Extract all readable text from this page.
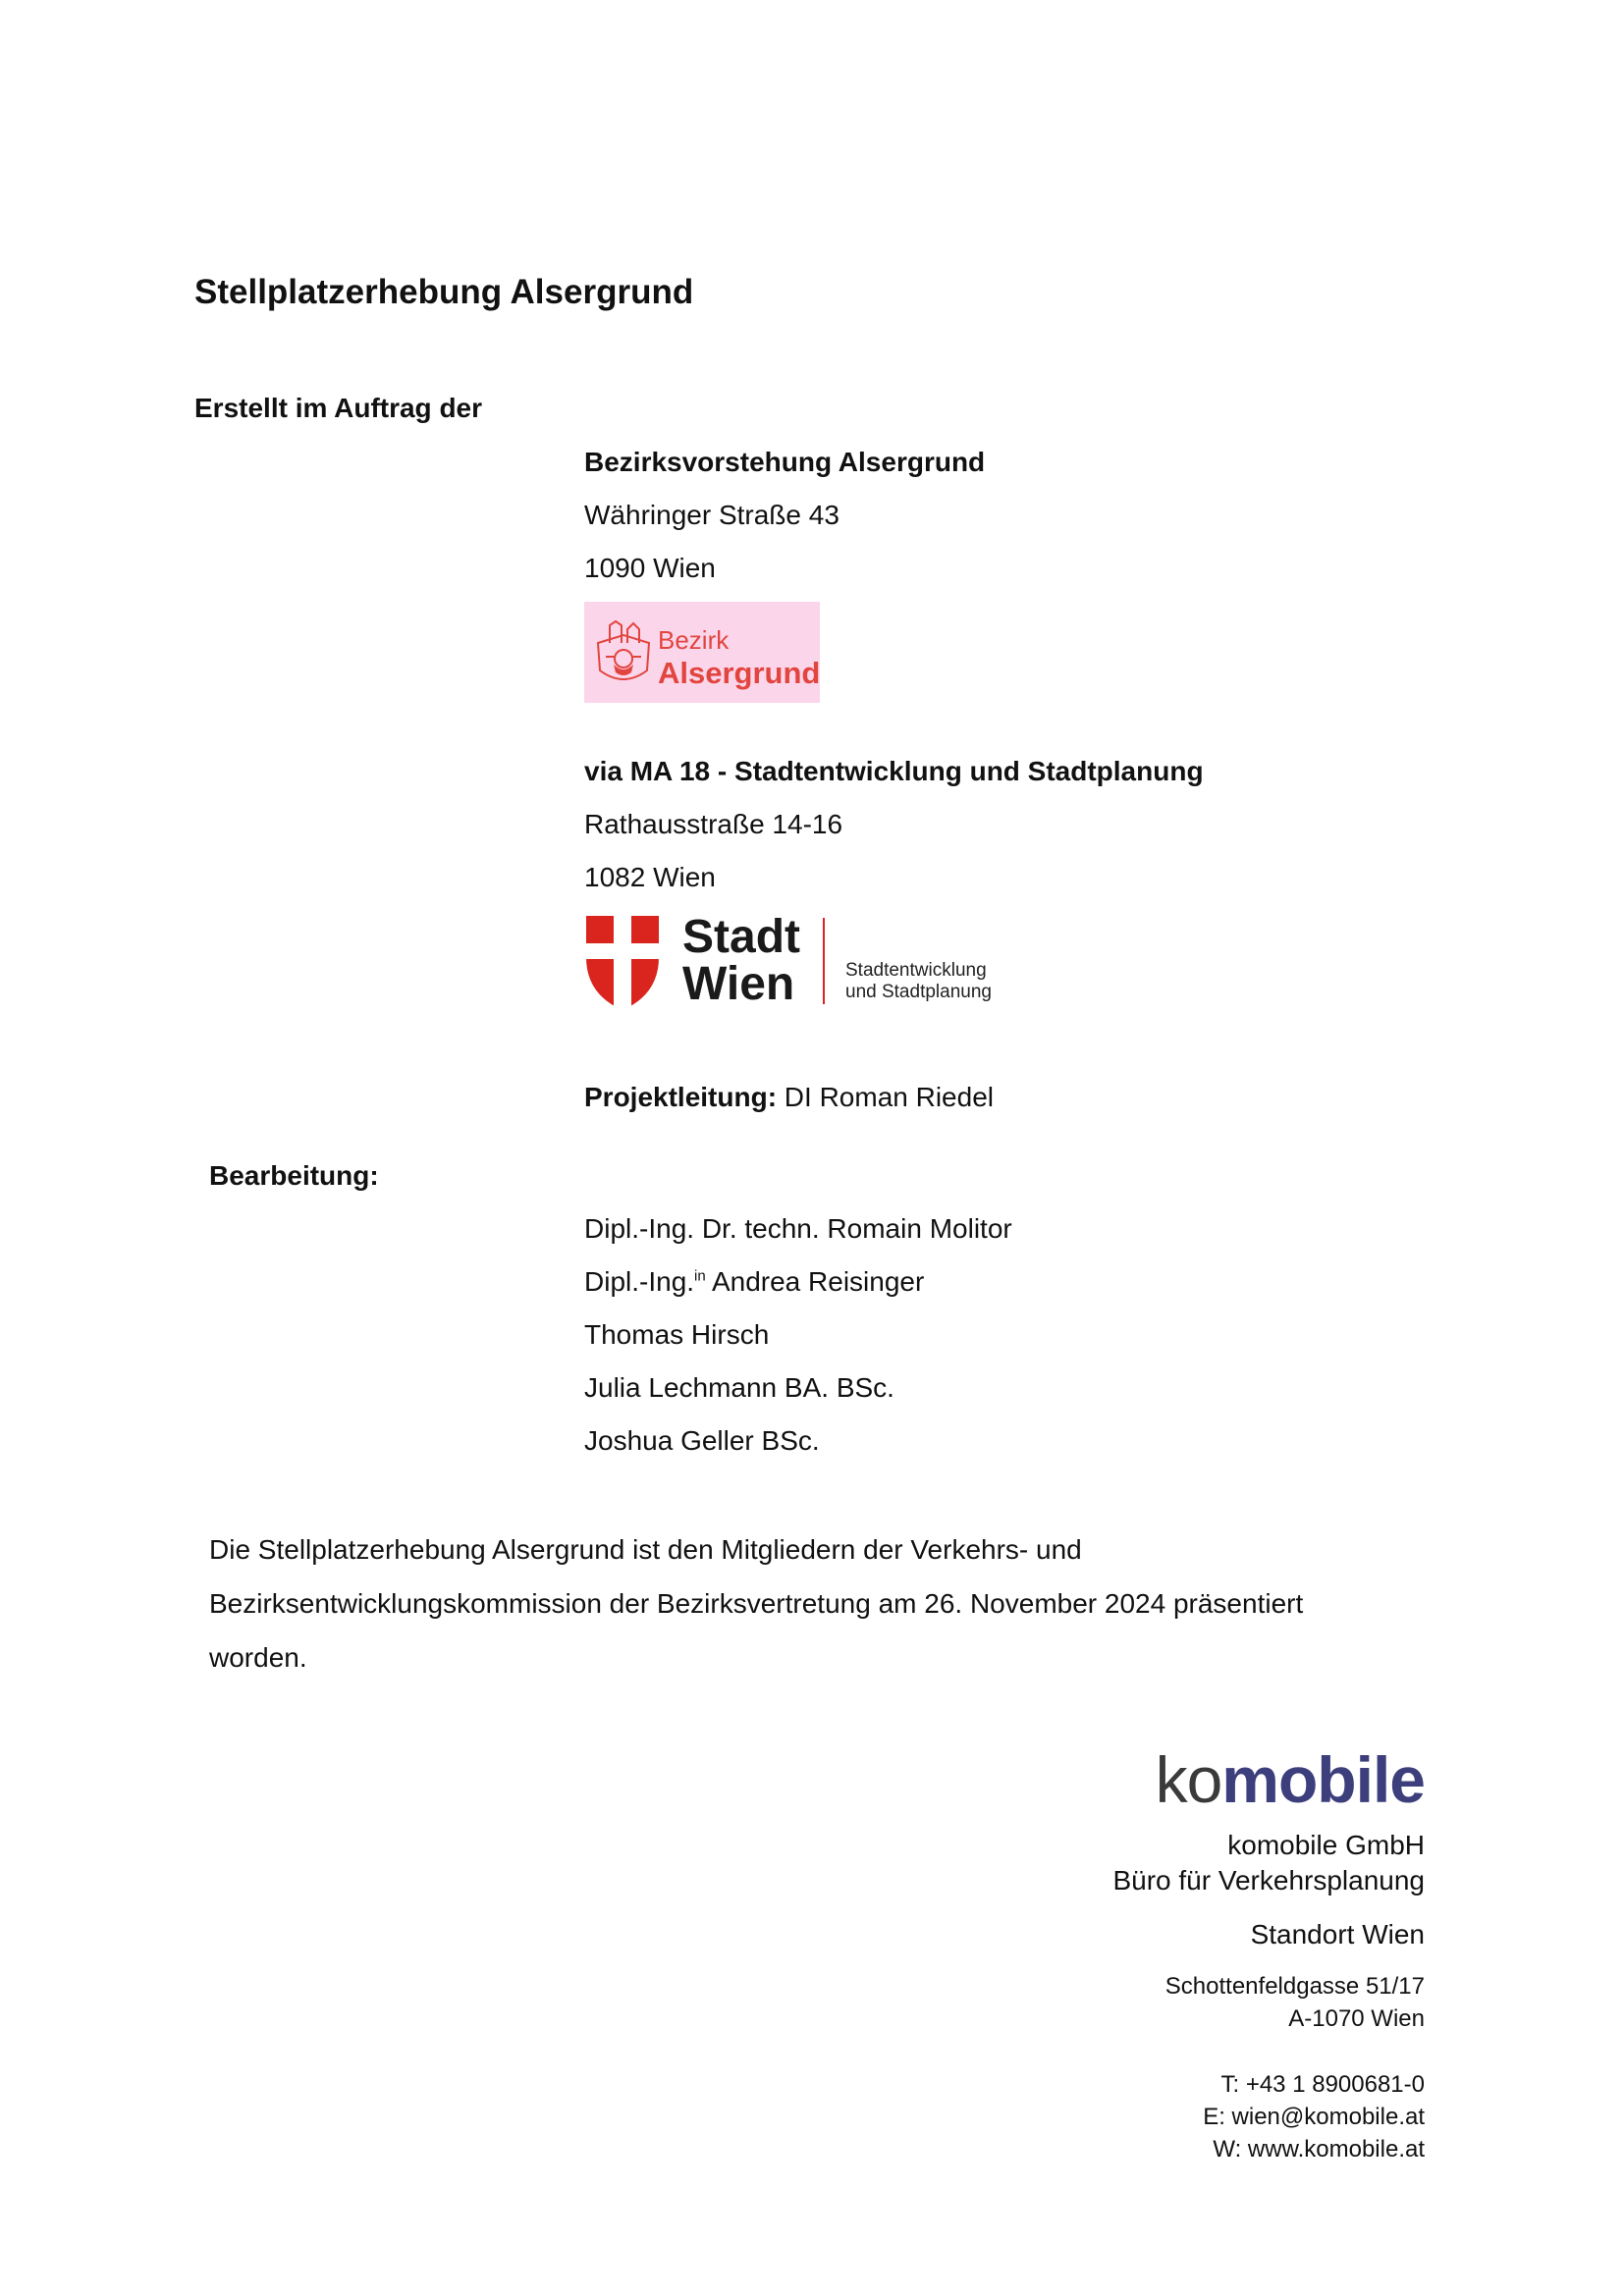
Stellplatzerhebung Alsergrund
Erstellt im Auftrag der
Bezirksvorstehung Alsergrund
Währinger Straße 43
1090 Wien
Bezirk
Alsergrund
via MA 18 - Stadtentwicklung und Stadtplanung
Rathausstraße 14-16
1082 Wien
Stadt
Wien	Stadtentwicklung
und Stadtplanung
Projektleitung: DI Roman Riedel
Bearbeitung:
Dipl.-Ing. Dr. techn. Romain Molitor
Dipl.-Ing.$^{in}$ Andrea Reisinger
Thomas Hirsch
Julia Lechmann BA. BSc.
Joshua Geller BSc.
Die Stellplatzerhebung Alsergrund ist den Mitgliedern der Verkehrs- und
Bezirksentwicklungskommission der Bezirksvertretung am 26. November 2024 präsentiert
worden.
komobile
komobile GmbH
Büro für Verkehrsplanung
Standort Wien
Schottenfeldgasse 51/17
A-1070 Wien
T: +43 1 8900681-0
E: wien@komobile.at
W: www.komobile.at
